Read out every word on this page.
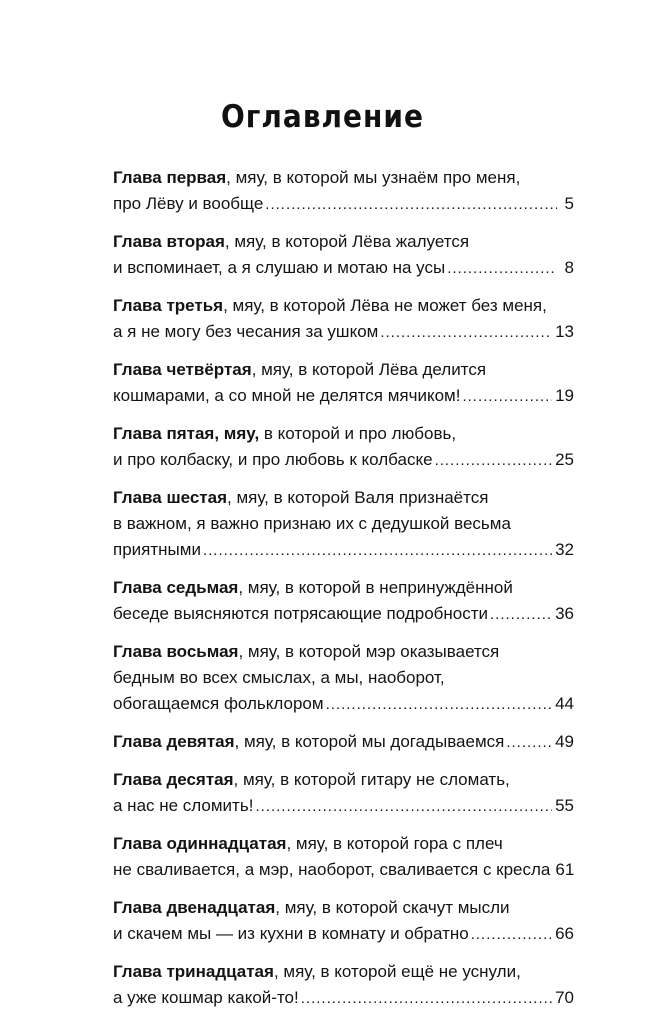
Оглавление
Глава первая, мяу, в которой мы узнаём про меня,
про Лёву и вообще .....	5
Глава вторая, мяу, в которой Лёва жалуется
и вспоминает, а я слушаю и мотаю на усы .....	8
Глава третья, мяу, в которой Лёва не может без меня,
а я не могу без чесания за ушком .....	13
Глава четвёртая, мяу, в которой Лёва делится
кошмарами, а со мной не делятся мячиком! .....	19
Глава пятая, мяу, в которой и про любовь,
и про колбаску, и про любовь к колбаске .....	25
Глава шестая, мяу, в которой Валя признаётся
в важном, я важно признаю их с дедушкой весьма
приятными .....	32
Глава седьмая, мяу, в которой в непринуждённой
беседе выясняются потрясающие подробности .....	36
Глава восьмая, мяу, в которой мэр оказывается
бедным во всех смыслах, а мы, наоборот,
обогащаемся фольклором .....	44
Глава девятая, мяу, в которой мы догадываемся .....	49
Глава десятая, мяу, в которой гитару не сломать,
а нас не сломить! .....	55
Глава одиннадцатая, мяу, в которой гора с плеч
не сваливается, а мэр, наоборот, сваливается с кресла 61
Глава двенадцатая, мяу, в которой скачут мысли
и скачем мы — из кухни в комнату и обратно .....	66
Глава тринадцатая, мяу, в которой ещё не уснули,
а уже кошмар какой-то! .....	70
